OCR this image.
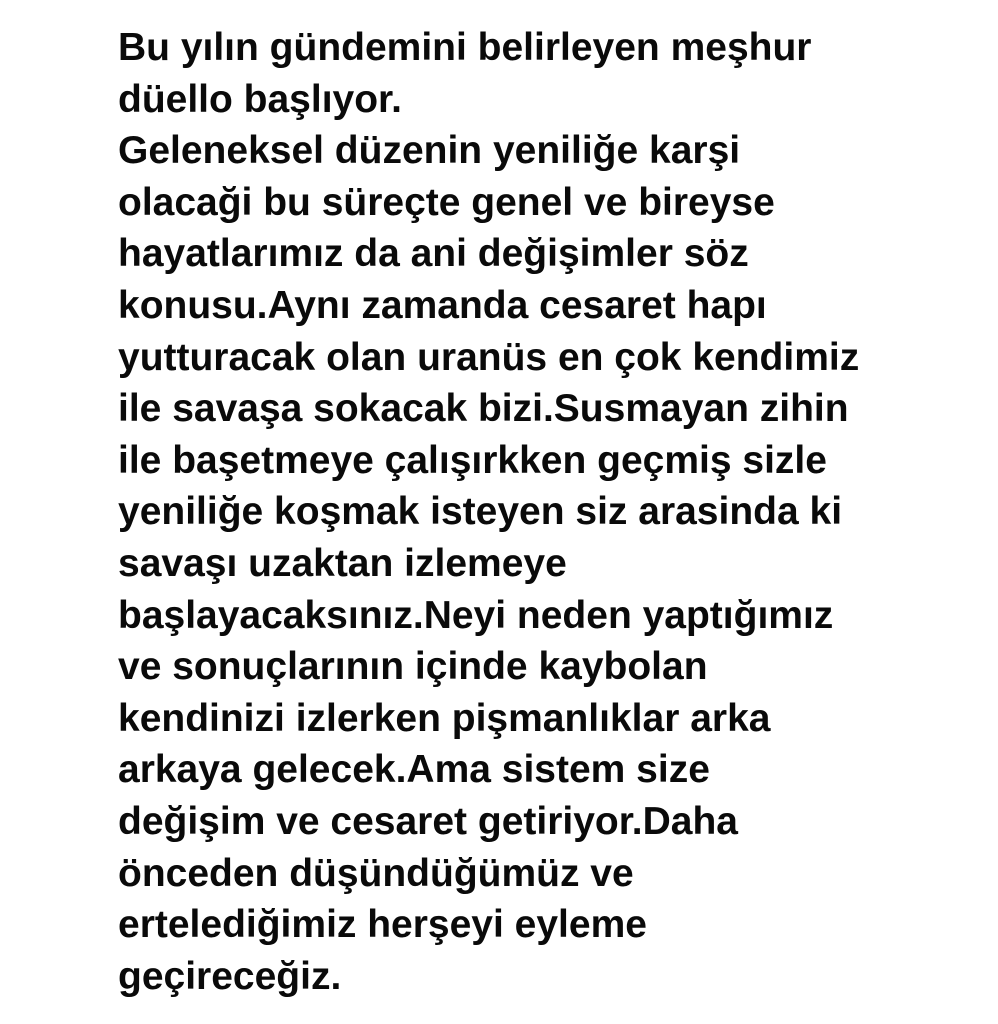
Bu yılın gündemini belirleyen meşhur
düello başlıyor.
Geleneksel düzenin yeniliğe karşi
olacaği bu süreçte genel ve bireyse
hayatlarımız da ani değişimler söz
konusu.Aynı zamanda cesaret hapı
yutturacak olan uranüs en çok kendimiz
ile savaşa sokacak bizi.Susmayan zihin
ile başetmeye çalışırkken geçmiş sizle
yeniliğe koşmak isteyen siz arasinda ki
savaşı uzaktan izlemeye
başlayacaksınız.Neyi neden yaptığımız
ve sonuçlarının içinde kaybolan
kendinizi izlerken pişmanlıklar arka
arkaya gelecek.Ama sistem size
değişim ve cesaret getiriyor.Daha
önceden düşündüğümüz ve
ertelediğimiz herşeyi eyleme
geçireceğiz.
